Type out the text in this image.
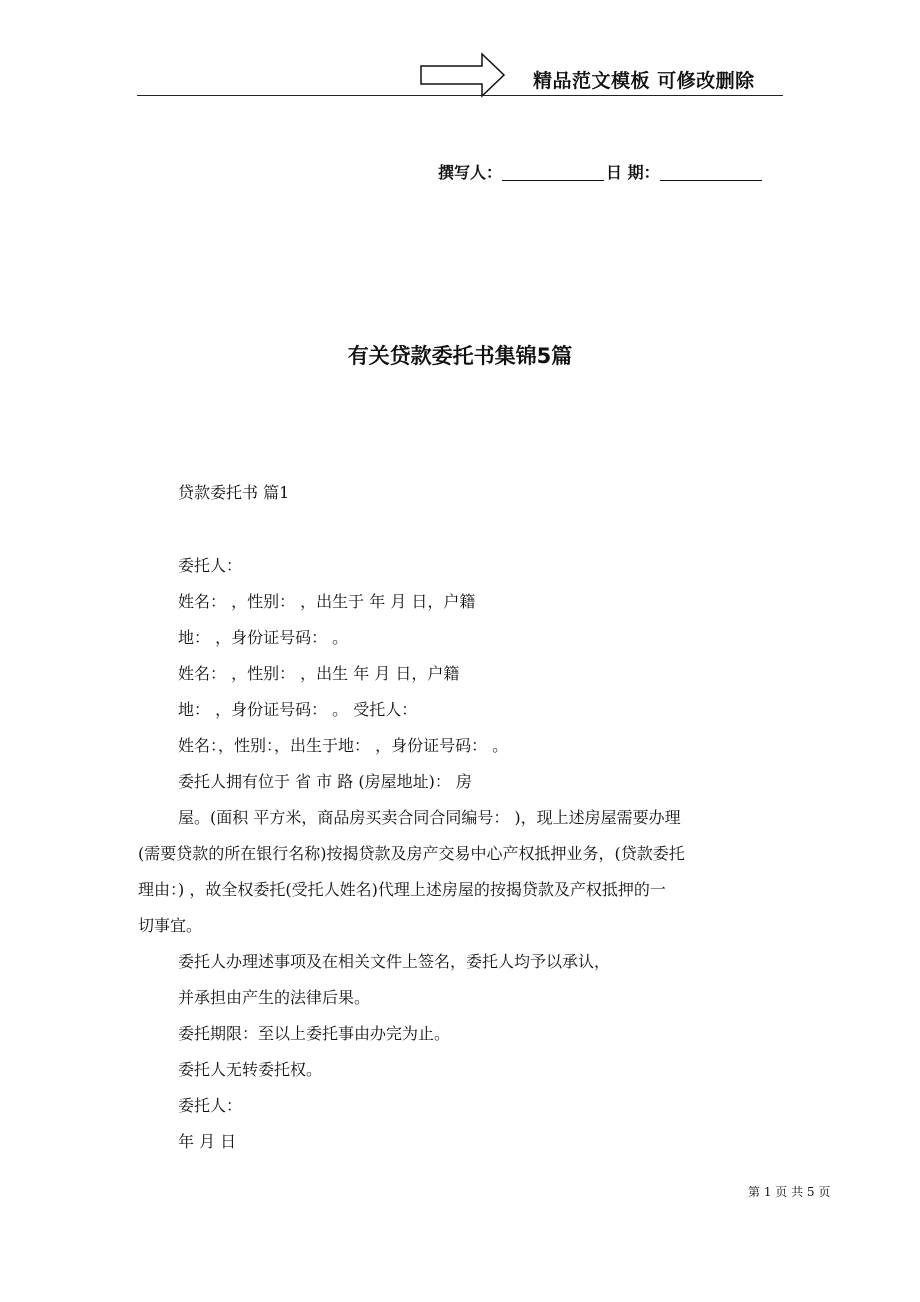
精品范文模板 可修改删除
撰写人：	日 期：
有关贷款委托书集锦5篇
贷款委托书 篇1
委托人：
姓名： ，性别： ，出生于 年 月 日，户籍
地： ，身份证号码： 。
姓名： ，性别： ，出生 年 月 日，户籍
地： ，身份证号码： 。 受托人：
姓名：，性别：，出生于地： ，身份证号码： 。
委托人拥有位于 省 市 路 (房屋地址)： 房
屋。(面积 平方米，商品房买卖合同合同编号： )，现上述房屋需要办理
(需要贷款的所在银行名称)按揭贷款及房产交易中心产权抵押业务，(贷款委托
理由：) ，故全权委托(受托人姓名)代理上述房屋的按揭贷款及产权抵押的一
切事宜。
委托人办理述事项及在相关文件上签名，委托人均予以承认，
并承担由产生的法律后果。
委托期限：至以上委托事由办完为止。
委托人无转委托权。
委托人：
年 月 日
第 1 页 共 5 页
